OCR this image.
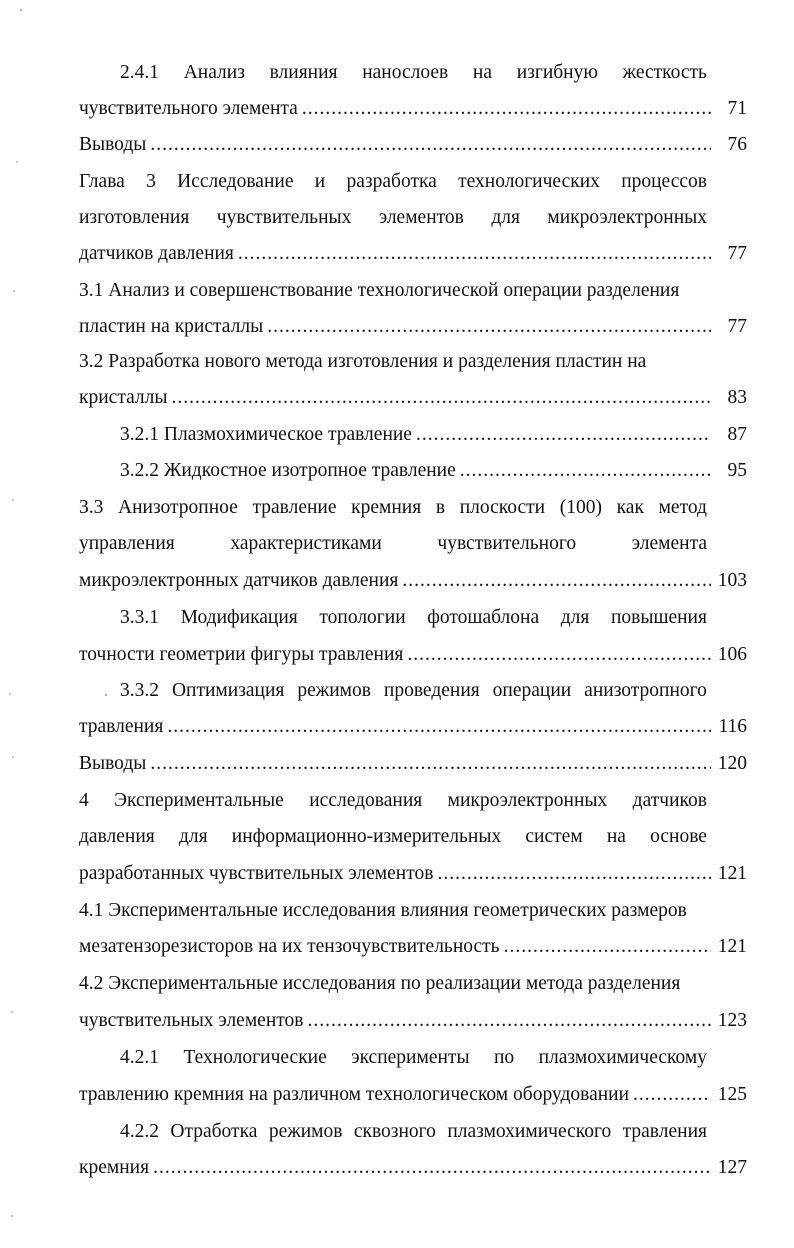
2.4.1 Анализ влияния нанослоев на изгибную жесткость
чувствительного элемента .....	71
Выводы .....	76
Глава 3 Исследование и разработка технологических процессов
изготовления чувствительных элементов для микроэлектронных
датчиков давления .....	77
3.1 Анализ и совершенствование технологической операции разделения
пластин на кристаллы .....	77
3.2 Разработка нового метода изготовления и разделения пластин на
кристаллы .....	83
3.2.1 Плазмохимическое травление .....	87
3.2.2 Жидкостное изотропное травление .....	95
3.3 Анизотропное травление кремния в плоскости (100) как метод
управления	характеристиками	чувствительного	элемента
микроэлектронных датчиков давления .....	103
3.3.1 Модификация топологии фотошаблона для повышения
точности геометрии фигуры травления .....	106
3.3.2 Оптимизация режимов проведения операции анизотропного
травления .....	116
Выводы .....	120
4 Экспериментальные исследования микроэлектронных датчиков
давления для информационно-измерительных систем на основе
разработанных чувствительных элементов .....	121
4.1 Экспериментальные исследования влияния геометрических размеров
мезатензорезисторов на их тензочувствительность .....	121
4.2 Экспериментальные исследования по реализации метода разделения
чувствительных элементов .....	123
4.2.1 Технологические эксперименты по плазмохимическому
травлению кремния на различном технологическом оборудовании .....	125
4.2.2 Отработка режимов сквозного плазмохимического травления
кремния .....	127
